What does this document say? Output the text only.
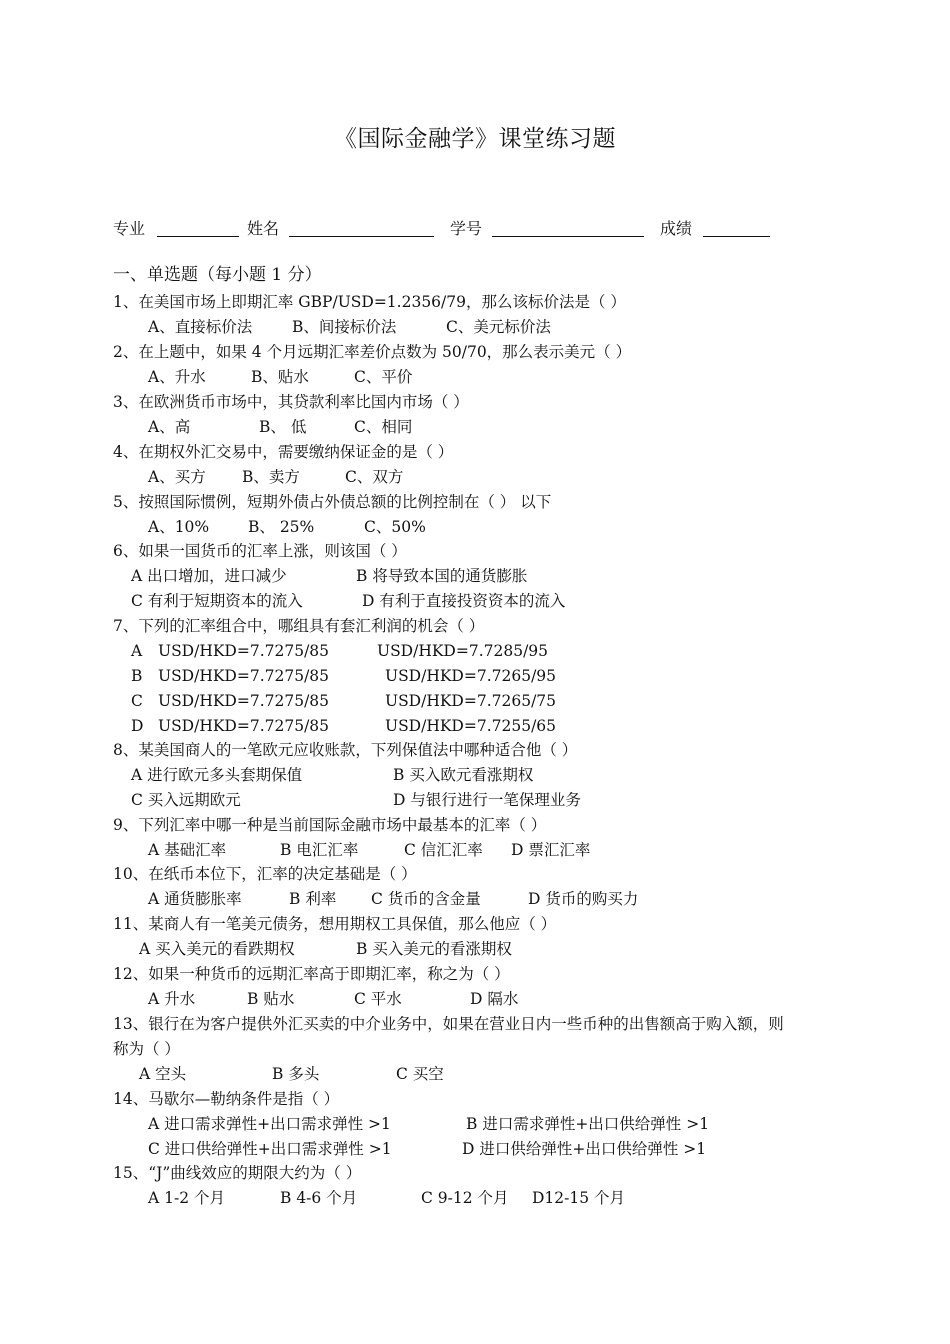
《国际金融学》课堂练习题
专业	姓名	学号	成绩
一、单选题（每小题 1 分）
1、在美国市场上即期汇率 GBP/USD=1.2356/79，那么该标价法是（ ）
A、直接标价法	B、间接标价法	C、美元标价法
2、在上题中，如果 4 个月远期汇率差价点数为 50/70，那么表示美元（ ）
A、升水	B、贴水	C、平价
3、在欧洲货币市场中，其贷款利率比国内市场（ ）
A、高	B、 低	C、相同
4、在期权外汇交易中，需要缴纳保证金的是（ ）
A、买方 B、卖方	C、双方
5、按照国际惯例，短期外债占外债总额的比例控制在（ ） 以下
A、10%	B、 25%	C、50%
6、如果一国货币的汇率上涨，则该国（ ）
A 出口增加，进口减少	B 将导致本国的通货膨胀
C 有利于短期资本的流入	D 有利于直接投资资本的流入
7、下列的汇率组合中，哪组具有套汇利润的机会（ ）
A USD/HKD=7.7275/85	USD/HKD=7.7285/95
B USD/HKD=7.7275/85	USD/HKD=7.7265/95
C USD/HKD=7.7275/85	USD/HKD=7.7265/75
D USD/HKD=7.7275/85	USD/HKD=7.7255/65
8、某美国商人的一笔欧元应收账款，下列保值法中哪种适合他（ ）
A 进行欧元多头套期保值	B 买入欧元看涨期权
C 买入远期欧元	D 与银行进行一笔保理业务
9、下列汇率中哪一种是当前国际金融市场中最基本的汇率（ ）
A 基础汇率	B 电汇汇率	C 信汇汇率 D 票汇汇率
10、在纸币本位下，汇率的决定基础是（ ）
A 通货膨胀率	B 利率 C 货币的含金量	D 货币的购买力
11、某商人有一笔美元债务，想用期权工具保值，那么他应（ ）
A 买入美元的看跌期权	B 买入美元的看涨期权
12、如果一种货币的远期汇率高于即期汇率，称之为（ ）
A 升水	B 贴水	C 平水	D 隔水
13、银行在为客户提供外汇买卖的中介业务中，如果在营业日内一些币种的出售额高于购入额，则
称为（ ）
A 空头	B 多头	C 买空
14、马歇尔—勒纳条件是指（ ）
A 进口需求弹性+出口需求弹性 >1	B 进口需求弹性+出口供给弹性 >1
C 进口供给弹性+出口需求弹性 >1	D 进口供给弹性+出口供给弹性 >1
15、“J”曲线效应的期限大约为（ ）
A 1-2 个月	B 4-6 个月	C 9-12 个月 D12-15 个月
